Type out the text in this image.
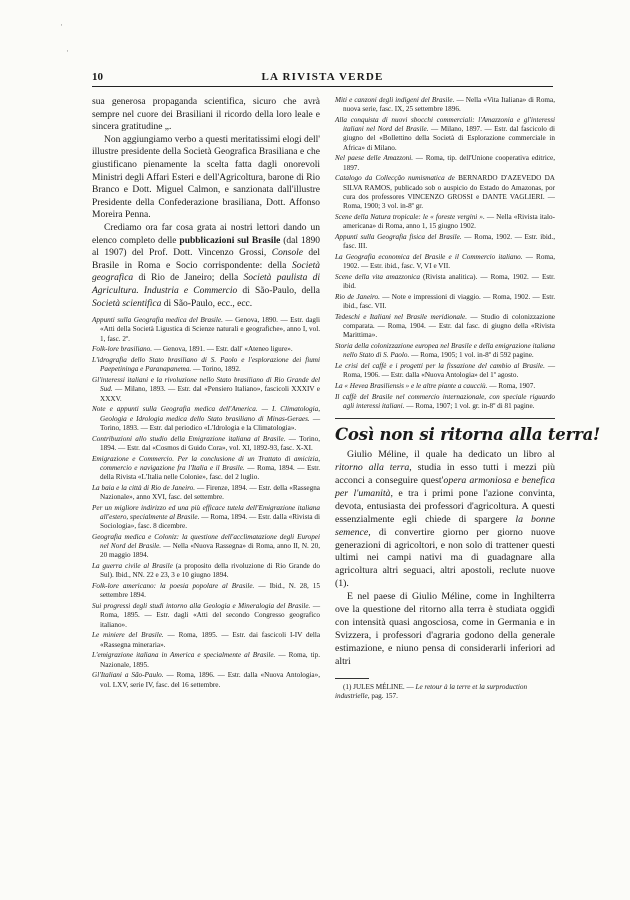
·
·
10	LA RIVISTA VERDE

sua generosa propaganda scientifica, sicuro che avrà sempre nel cuore dei Brasiliani il ricordo della loro leale e sincera gratitudine „.

Non aggiungiamo verbo a questi meritatissimi elogi dell' illustre presidente della Società Geografica Brasiliana e che giustificano pienamente la scelta fatta dagli onorevoli Ministri degli Affari Esteri e dell'Agricoltura, barone di Rio Branco e Dott. Miguel Calmon, e sanzionata dall'illustre Presidente della Confederazione brasiliana, Dott. Affonso Moreira Penna.

Crediamo ora far cosa grata ai nostri lettori dando un elenco completo delle pubblicazioni sul Brasile (dal 1890 al 1907) del Prof. Dott. Vincenzo Grossi, Console del Brasile in Roma e Socio corrispondente: della Società geografica di Rio de Janeiro; della Società paulista di Agricultura. Industria e Commercio di São-Paulo, della Società scientifica di São-Paulo, ecc., ecc.

Appunti sulla Geografia medica del Brasile. — Genova, 1890. — Estr. dagli «Atti della Società Ligustica di Scienze naturali e geografiche», anno I, vol. 1, fasc. 2º.

Folk-lore brasiliano. — Genova, 1891. — Estr. dall' «Ateneo ligure».

L'idrografia dello Stato brasiliano di S. Paolo e l'esplorazione dei fiumi Paepetininga e Paranapanema. — Torino, 1892.

Gl'interessi italiani e la rivoluzione nello Stato brasiliano di Rio Grande del Sud. — Milano, 1893. — Estr. dal «Pensiero Italiano», fascicoli XXXIV e XXXV.

Note e appunti sulla Geografia medica dell'America. — I. Climatologia, Geologia e Idrologia medica dello Stato brasiliano di Minas-Geraes. — Torino, 1893. — Estr. dal periodico «L'Idrologia e la Climatologia».

Contribuzioni allo studio della Emigrazione italiana al Brasile. — Torino, 1894. — Estr. dal «Cosmos di Guido Cora», vol. XI, 1892-93, fasc. X-XI.

Emigrazione e Commercio. Per la conclusione di un Trattato di amicizia, commercio e navigazione fra l'Italia e il Brasile. — Roma, 1894. — Estr. della Rivista «L'Italia nelle Colonie», fasc. del 2 luglio.

La baia e la città di Rio de Janeiro. — Firenze, 1894. — Estr. della «Rassegna Nazionale», anno XVI, fasc. del settembre.

Per un migliore indirizzo ed una più efficace tutela dell'Emigrazione italiana all'estero, specialmente al Brasile. — Roma, 1894. — Estr. dalla «Rivista di Sociologia», fasc. 8 dicembre.

Geografia medica e Coloniz: la questione dell'acclimatazione degli Europei nel Nord del Brasile. — Nella «Nuova Rassegna» di Roma, anno II, N. 20, 20 maggio 1894.

La guerra civile al Brasile (a proposito della rivoluzione di Rio Grande do Sul). Ibid., NN. 22 e 23, 3 e 10 giugno 1894.

Folk-lore americano: la poesia popolare al Brasile. — Ibid., N. 28, 15 settembre 1894.

Sui progressi degli studi intorno alla Geologia e Mineralogia del Brasile. — Roma, 1895. — Estr. dagli «Atti del secondo Congresso geografico italiano».

Le miniere del Brasile. — Roma, 1895. — Estr. dai fascicoli I-IV della «Rassegna mineraria».

L'emigrazione italiana in America e specialmente al Brasile. — Roma, tip. Nazionale, 1895.

Gl'Italiani a São-Paulo. — Roma, 1896. — Estr. dalla «Nuova Antologia», vol. LXV, serie IV, fasc. del 16 settembre.

Miti e canzoni degli indigeni del Brasile. — Nella «Vita Italiana» di Roma, nuova serie, fasc. IX, 25 settembre 1896.

Alla conquista di nuovi sbocchi commerciali: l'Amazzonia e gl'interessi italiani nel Nord del Brasile. — Milano, 1897. — Estr. dal fascicolo di giugno del «Bollettino della Società di Esplorazione commerciale in Africa» di Milano.

Nel paese delle Amazzoni. — Roma, tip. dell'Unione cooperativa editrice, 1897.

Catalogo da Collecção numismatica de BERNARDO D'AZEVEDO DA SILVA RAMOS, publicado sob o auspicio do Estado do Amazonas, por cura dos professores VINCENZO GROSSI e DANTE VAGLIERI. — Roma, 1900; 3 vol. in-8º gr.

Scene della Natura tropicale: le « foreste vergini ». — Nella «Rivista italo-americana» di Roma, anno 1, 15 giugno 1902.

Appunti sulla Geografia fisica del Brasile. — Roma, 1902. — Estr. ibid., fasc. III.

La Geografia economica del Brasile e il Commercio italiano. — Roma, 1902. — Estr. ibid., fasc. V, VI e VII.

Scene della vita amazzonica (Rivista analitica). — Roma, 1902. — Estr. ibid.

Rio de Janeiro. — Note e impressioni di viaggio. — Roma, 1902. — Estr. ibid., fasc. VII.

Tedeschi e Italiani nel Brasile meridionale. — Studio di colonizzazione comparata. — Roma, 1904. — Estr. dal fasc. di giugno della «Rivista Marittima».

Storia della colonizzazione europea nel Brasile e della emigrazione italiana nello Stato di S. Paolo. — Roma, 1905; 1 vol. in-8º di 592 pagine.

Le crisi del caffè e i progetti per la fissazione del cambio al Brasile. — Roma, 1906. — Estr. dalla «Nuova Antologia» del 1º agosto.

La « Hevea Brasiliensis » e le altre piante a caucciù. — Roma, 1907.

Il caffè del Brasile nel commercio internazionale, con speciale riguardo agli interessi italiani. — Roma, 1907; 1 vol. gr. in-8º di 81 pagine.

Così non si ritorna alla terra!

Giulio Méline, il quale ha dedicato un libro al ritorno alla terra, studia in esso tutti i mezzi più acconci a conseguire quest'opera armoniosa e benefica per l'umanità, e tra i primi pone l'azione convinta, devota, entusiasta dei professori d'agricoltura. A questi essenzialmente egli chiede di spargere la bonne semence, di convertire giorno per giorno nuove generazioni di agricoltori, e non solo di trattener questi ultimi nei campi nativi ma di guadagnare alla agricoltura altri seguaci, altri apostoli, reclute nuove (1).

E nel paese di Giulio Méline, come in Inghilterra ove la questione del ritorno alla terra è studiata oggidì con intensità quasi angosciosa, come in Germania e in Svizzera, i professori d'agraria godono della generale estimazione, e niuno pensa di considerarli inferiori ad altri

(1) JULES MÉLINE. — Le retour à la terre et la surproduction industrielle, pag. 157.
